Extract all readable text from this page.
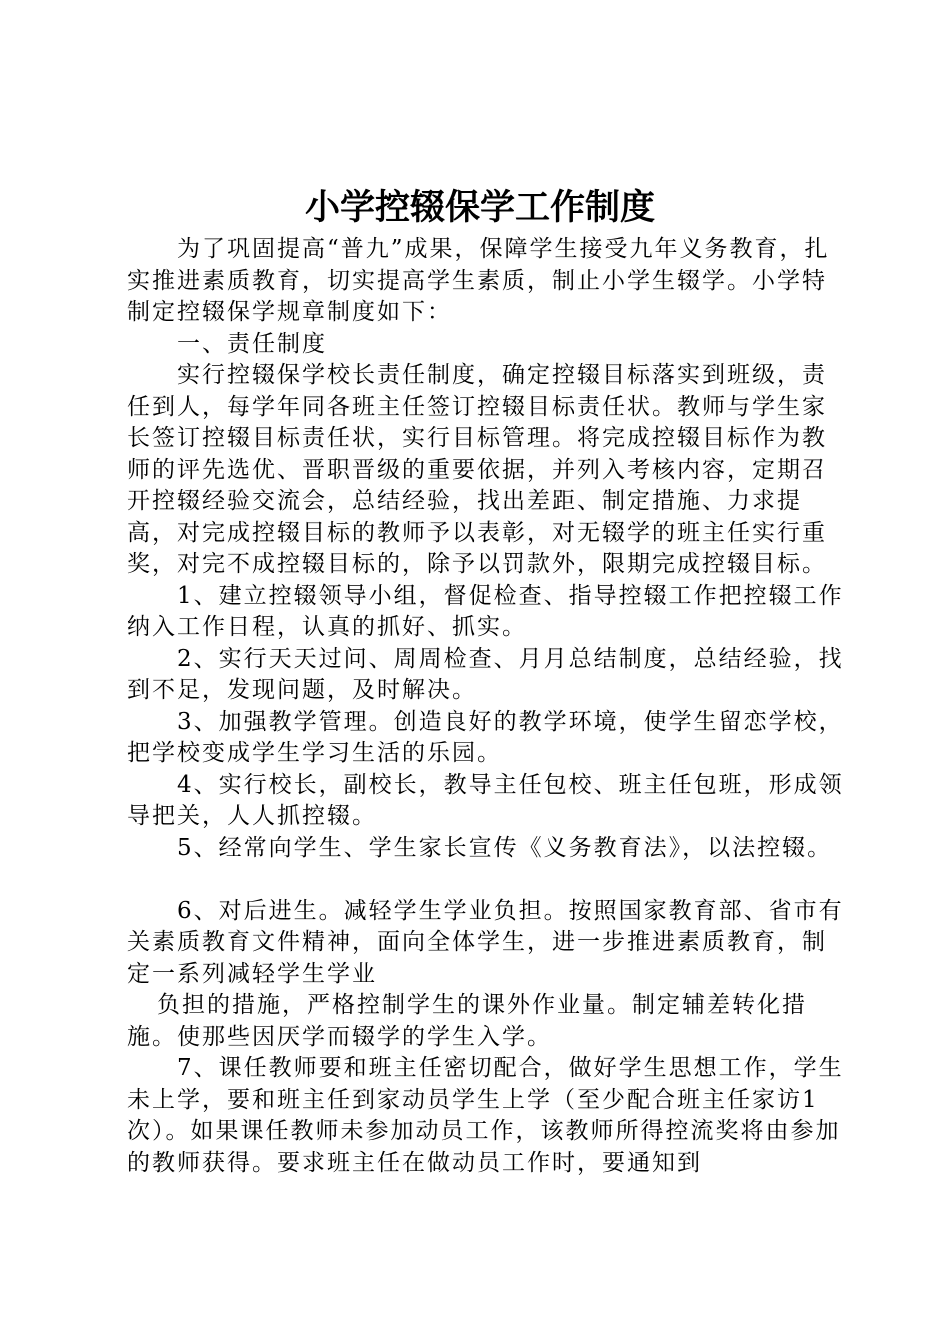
小学控辍保学工作制度

为了巩固提高“普九”成果，保障学生接受九年义务教育，扎实推进素质教育，切实提高学生素质，制止小学生辍学。小学特制定控辍保学规章制度如下：

一、责任制度

实行控辍保学校长责任制度，确定控辍目标落实到班级，责任到人，每学年同各班主任签订控辍目标责任状。教师与学生家长签订控辍目标责任状，实行目标管理。将完成控辍目标作为教师的评先选优、晋职晋级的重要依据，并列入考核内容，定期召开控辍经验交流会，总结经验，找出差距、制定措施、力求提高，对完成控辍目标的教师予以表彰，对无辍学的班主任实行重奖，对完不成控辍目标的，除予以罚款外，限期完成控辍目标。

1、建立控辍领导小组，督促检查、指导控辍工作把控辍工作纳入工作日程，认真的抓好、抓实。

2、实行天天过问、周周检查、月月总结制度，总结经验，找到不足，发现问题，及时解决。

3、加强教学管理。创造良好的教学环境，使学生留恋学校，把学校变成学生学习生活的乐园。

4、实行校长，副校长，教导主任包校、班主任包班，形成领导把关，人人抓控辍。

5、经常向学生、学生家长宣传《义务教育法》，以法控辍。

6、对后进生。减轻学生学业负担。按照国家教育部、省市有关素质教育文件精神，面向全体学生，进一步推进素质教育，制定一系列减轻学生学业

负担的措施，严格控制学生的课外作业量。制定辅差转化措施。使那些因厌学而辍学的学生入学。

7、课任教师要和班主任密切配合，做好学生思想工作，学生未上学，要和班主任到家动员学生上学（至少配合班主任家访1次）。如果课任教师未参加动员工作，该教师所得控流奖将由参加的教师获得。要求班主任在做动员工作时，要通知到
